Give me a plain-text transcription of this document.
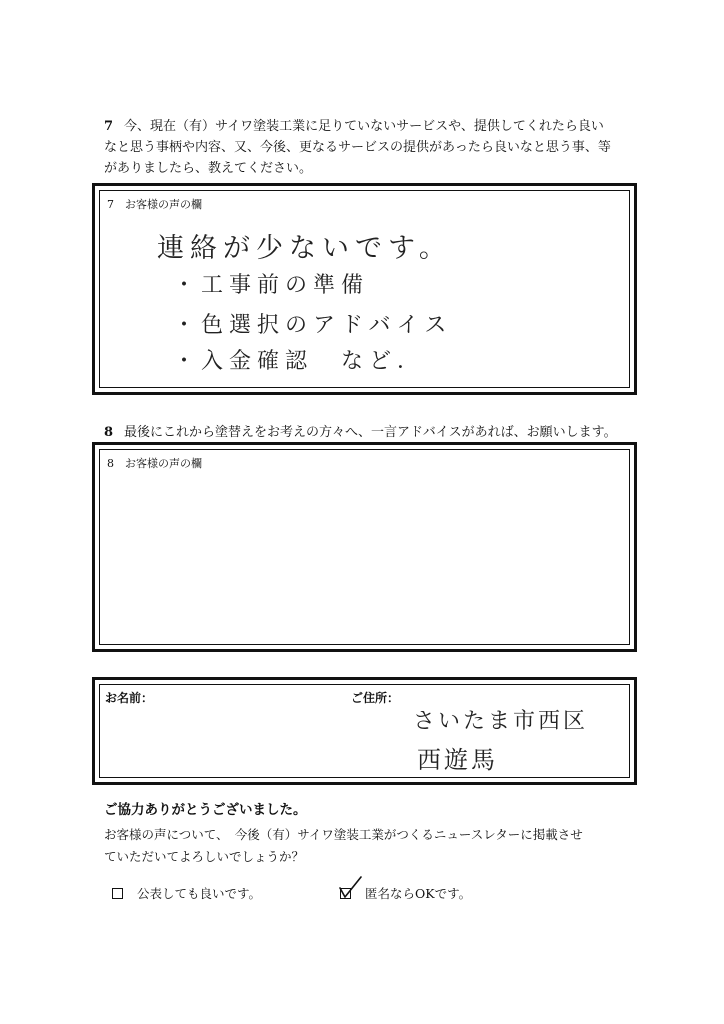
7 今、現在（有）サイワ塗装工業に足りていないサービスや、提供してくれたら良い
なと思う事柄や内容、又、今後、更なるサービスの提供があったら良いなと思う事、等
がありましたら、教えてください。
7　お客様の声の欄
連絡が少ないです。
・工事前の準備
・色選択のアドバイス
・入金確認　など．
8 最後にこれから塗替えをお考えの方々へ、一言アドバイスがあれば、お願いします。
8　お客様の声の欄
お名前：	ご住所：
さいたま市西区
西遊馬
ご協力ありがとうございました。
お客様の声について、　今後（有）サイワ塗装工業がつくるニュースレターに掲載させ
ていただいてよろしいでしょうか？
公表しても良いです。	匿名ならOKです。
